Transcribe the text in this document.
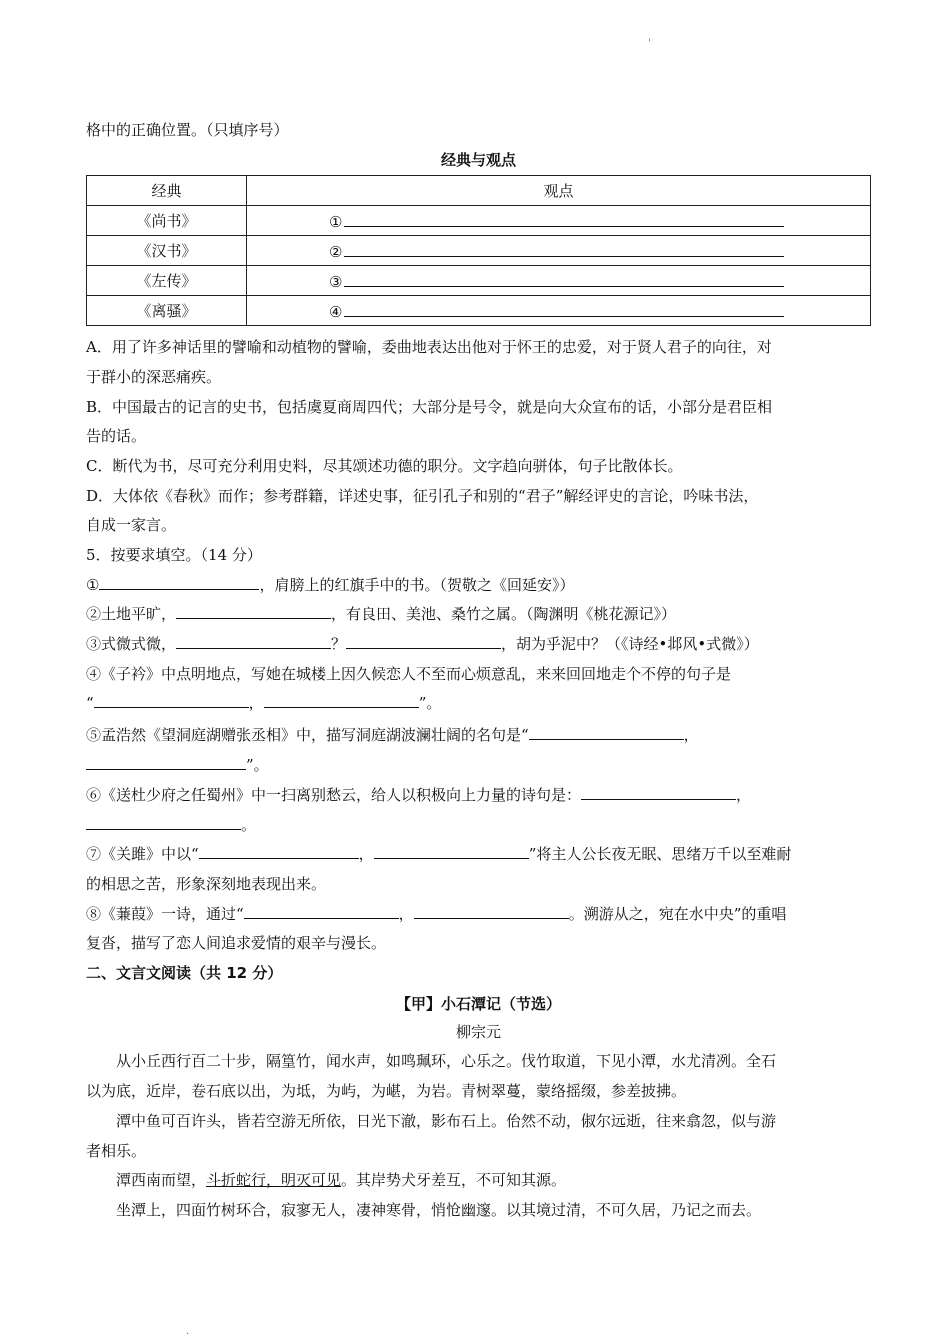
'
格中的正确位置。（只填序号）
经典与观点
经典	观点
《尚书》	①
《汉书》	②
《左传》	③
《离骚》	④
A．用了许多神话里的譬喻和动植物的譬喻，委曲地表达出他对于怀王的忠爱，对于贤人君子的向往，对
于群小的深恶痛疾。
B．中国最古的记言的史书，包括虞夏商周四代；大部分是号令，就是向大众宣布的话，小部分是君臣相
告的话。
C．断代为书，尽可充分利用史料，尽其颂述功德的职分。文字趋向骈体，句子比散体长。
D．大体依《春秋》而作；参考群籍，详述史事，征引孔子和别的“君子”解经评史的言论，吟味书法，
自成一家言。
5．按要求填空。（14 分）
①	，肩膀上的红旗手中的书。（贺敬之《回延安》）
②土地平旷，	，有良田、美池、桑竹之属。（陶渊明《桃花源记》）
③式微式微，	？	，胡为乎泥中？（《诗经•邶风•式微》）
④《子衿》中点明地点，写她在城楼上因久候恋人不至而心烦意乱，来来回回地走个不停的句子是
“	，	”。
⑤孟浩然《望洞庭湖赠张丞相》中，描写洞庭湖波澜壮阔的名句是“	，
”。
⑥《送杜少府之任蜀州》中一扫离别愁云，给人以积极向上力量的诗句是：	，
。
⑦《关雎》中以“	，	”将主人公长夜无眠、思绪万千以至难耐
的相思之苦，形象深刻地表现出来。
⑧《蒹葭》一诗，通过“	，	。溯游从之，宛在水中央”的重唱
复沓，描写了恋人间追求爱情的艰辛与漫长。
二、文言文阅读（共 12 分）
【甲】小石潭记（节选）
柳宗元
从小丘西行百二十步，隔篁竹，闻水声，如鸣珮环，心乐之。伐竹取道，下见小潭，水尤清冽。全石
以为底，近岸，卷石底以出，为坻，为屿，为嵁，为岩。青树翠蔓，蒙络摇缀，参差披拂。
潭中鱼可百许头，皆若空游无所依，日光下澈，影布石上。佁然不动，俶尔远逝，往来翕忽，似与游
者相乐。
潭西南而望，斗折蛇行，明灭可见。其岸势犬牙差互，不可知其源。
坐潭上，四面竹树环合，寂寥无人，凄神寒骨，悄怆幽邃。以其境过清，不可久居，乃记之而去。
.
